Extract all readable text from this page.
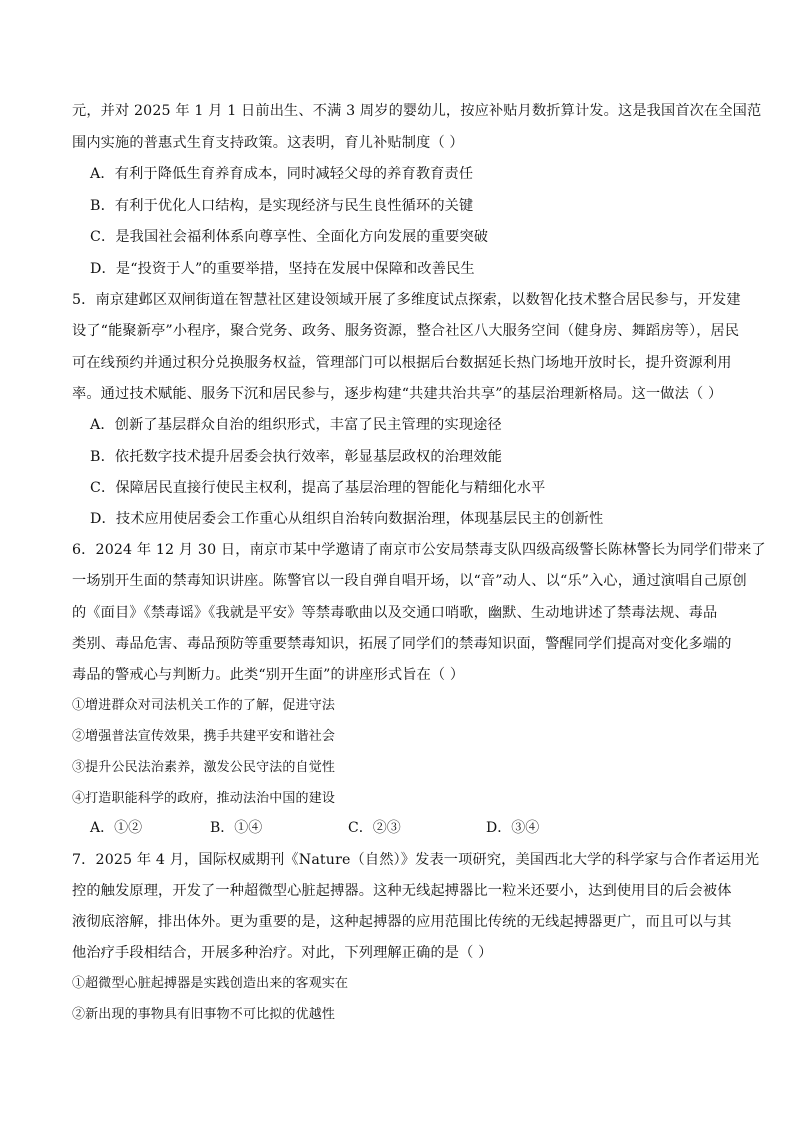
元，并对 2025 年 1 月 1 日前出生、不满 3 周岁的婴幼儿，按应补贴月数折算计发。这是我国首次在全国范
围内实施的普惠式生育支持政策。这表明，育儿补贴制度（ ）
A．有利于降低生育养育成本，同时减轻父母的养育教育责任
B．有利于优化人口结构，是实现经济与民生良性循环的关键
C．是我国社会福利体系向尊享性、全面化方向发展的重要突破
D．是“投资于人”的重要举措，坚持在发展中保障和改善民生
5．南京建邺区双闸街道在智慧社区建设领域开展了多维度试点探索，以数智化技术整合居民参与，开发建
设了“能聚新亭”小程序，聚合党务、政务、服务资源，整合社区八大服务空间（健身房、舞蹈房等），居民
可在线预约并通过积分兑换服务权益，管理部门可以根据后台数据延长热门场地开放时长，提升资源利用
率。通过技术赋能、服务下沉和居民参与，逐步构建“共建共治共享”的基层治理新格局。这一做法（ ）
A．创新了基层群众自治的组织形式，丰富了民主管理的实现途径
B．依托数字技术提升居委会执行效率，彰显基层政权的治理效能
C．保障居民直接行使民主权利，提高了基层治理的智能化与精细化水平
D．技术应用使居委会工作重心从组织自治转向数据治理，体现基层民主的创新性
6．2024 年 12 月 30 日，南京市某中学邀请了南京市公安局禁毒支队四级高级警长陈林警长为同学们带来了
一场别开生面的禁毒知识讲座。陈警官以一段自弹自唱开场，以“音”动人、以“乐”入心，通过演唱自己原创
的《面目》《禁毒谣》《我就是平安》等禁毒歌曲以及交通口哨歌，幽默、生动地讲述了禁毒法规、毒品
类别、毒品危害、毒品预防等重要禁毒知识，拓展了同学们的禁毒知识面，警醒同学们提高对变化多端的
毒品的警戒心与判断力。此类“别开生面”的讲座形式旨在（ ）
①增进群众对司法机关工作的了解，促进守法
②增强普法宣传效果，携手共建平安和谐社会
③提升公民法治素养，激发公民守法的自觉性
④打造职能科学的政府，推动法治中国的建设
A．①②	B．①④	C．②③	D．③④
7．2025 年 4 月，国际权威期刊《Nature（自然）》发表一项研究，美国西北大学的科学家与合作者运用光
控的触发原理，开发了一种超微型心脏起搏器。这种无线起搏器比一粒米还要小，达到使用目的后会被体
液彻底溶解，排出体外。更为重要的是，这种起搏器的应用范围比传统的无线起搏器更广，而且可以与其
他治疗手段相结合，开展多种治疗。对此，下列理解正确的是（ ）
①超微型心脏起搏器是实践创造出来的客观实在
②新出现的事物具有旧事物不可比拟的优越性
